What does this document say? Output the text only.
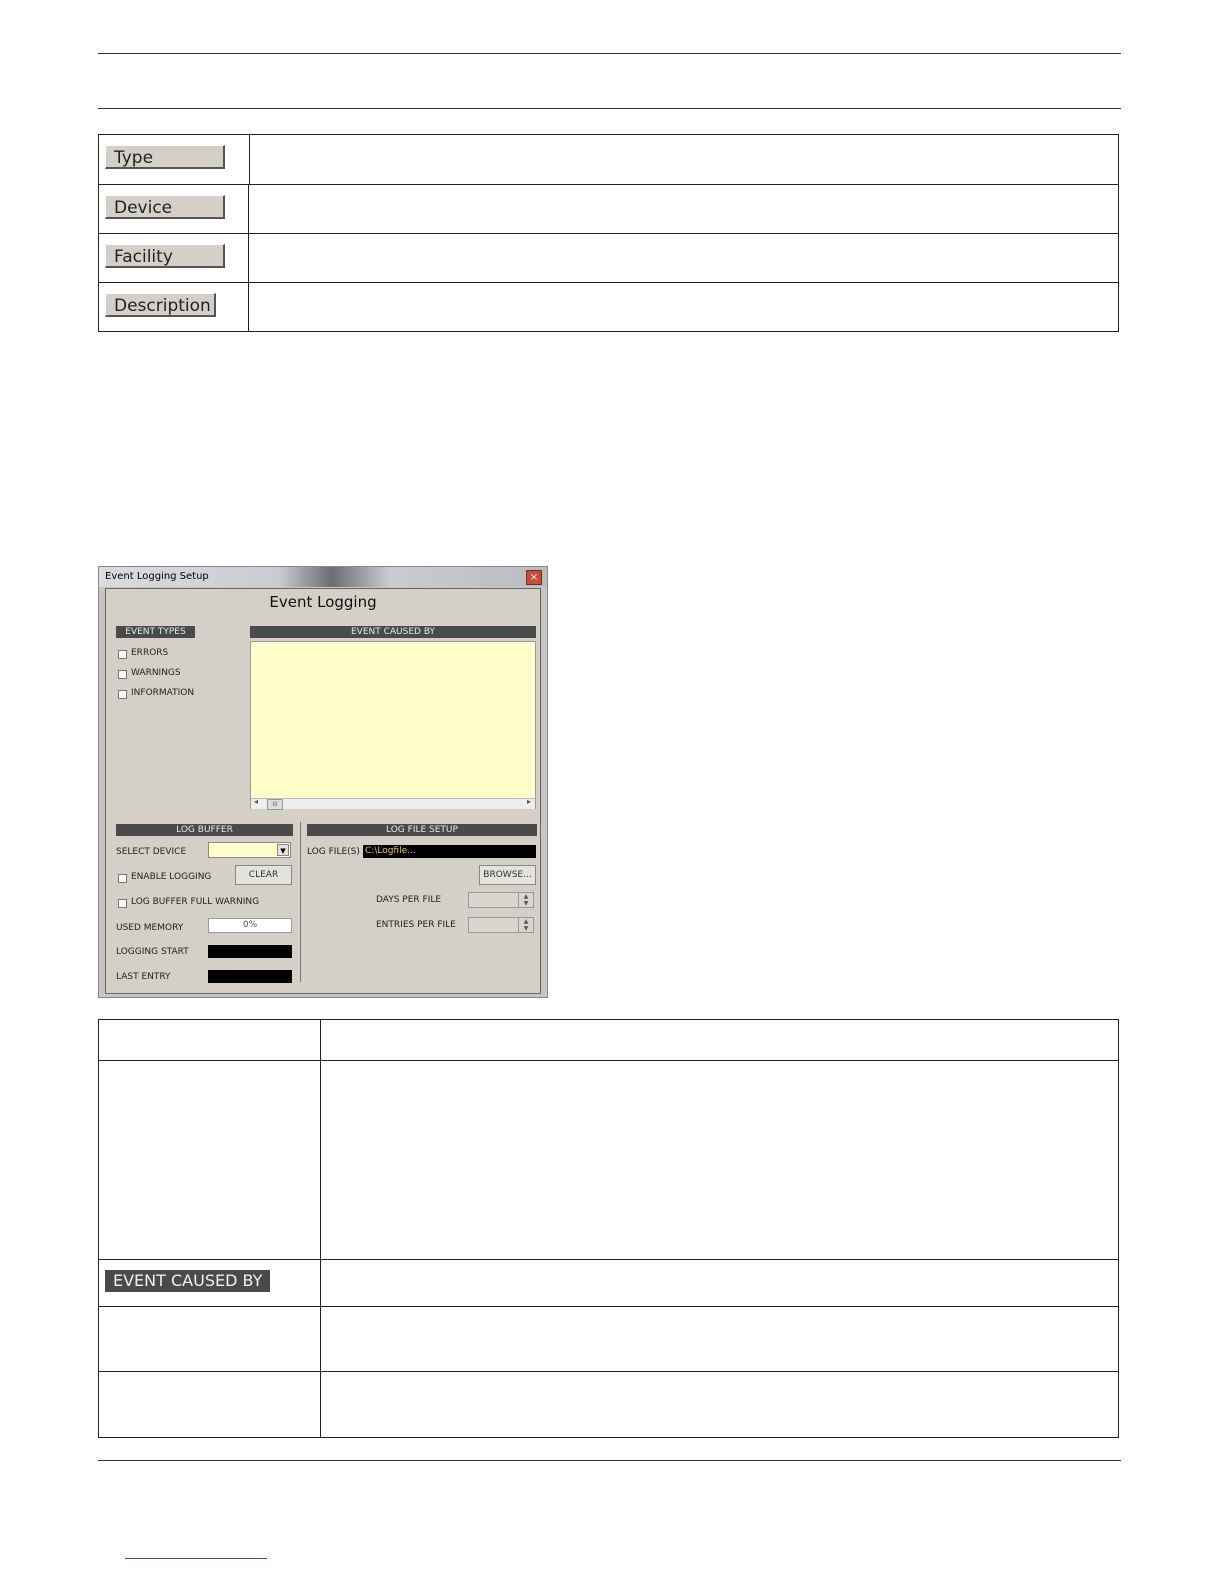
Type
Device
Facility
Description
Event Logging Setup	×
Event Logging
EVENT TYPES
ERRORS
WARNINGS
INFORMATION
EVENT CAUSED BY
◂	III	▸
LOG BUFFER
SELECT DEVICE	▼
ENABLE LOGGING	CLEAR
LOG BUFFER FULL WARNING
USED MEMORY	0%
LOGGING START
LAST ENTRY
LOG FILE SETUP
LOG FILE(S) C:\Logfile...
BROWSE...
DAYS PER FILE	▲
▼
ENTRIES PER FILE	▲
▼
EVENT CAUSED BY
